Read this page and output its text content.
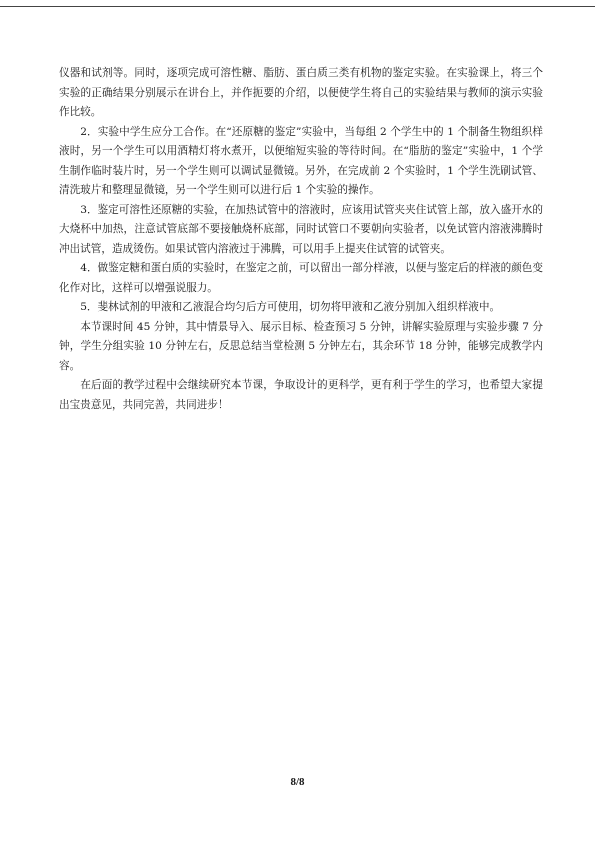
仪器和试剂等。同时，逐项完成可溶性糖、脂肪、蛋白质三类有机物的鉴定实验。在实验课上，将三个实验的正确结果分别展示在讲台上，并作扼要的介绍，以便使学生将自己的实验结果与教师的演示实验作比较。

2．实验中学生应分工合作。在“还原糖的鉴定”实验中，当每组 2 个学生中的 1 个制备生物组织样液时，另一个学生可以用酒精灯将水煮开，以便缩短实验的等待时间。在“脂肪的鉴定”实验中，1 个学生制作临时装片时，另一个学生则可以调试显微镜。另外，在完成前 2 个实验时，1 个学生洗刷试管、清洗玻片和整理显微镜，另一个学生则可以进行后 1 个实验的操作。

3．鉴定可溶性还原糖的实验，在加热试管中的溶液时，应该用试管夹夹住试管上部，放入盛开水的大烧杯中加热，注意试管底部不要接触烧杯底部，同时试管口不要朝向实验者，以免试管内溶液沸腾时冲出试管，造成烫伤。如果试管内溶液过于沸腾，可以用手上提夹住试管的试管夹。

4．做鉴定糖和蛋白质的实验时，在鉴定之前，可以留出一部分样液，以便与鉴定后的样液的颜色变化作对比，这样可以增强说服力。

5．斐林试剂的甲液和乙液混合均匀后方可使用，切勿将甲液和乙液分别加入组织样液中。

本节课时间 45 分钟，其中情景导入、展示目标、检查预习 5 分钟，讲解实验原理与实验步骤 7 分钟，学生分组实验 10 分钟左右，反思总结当堂检测 5 分钟左右，其余环节 18 分钟，能够完成教学内容。

在后面的教学过程中会继续研究本节课，争取设计的更科学，更有利于学生的学习，也希望大家提出宝贵意见，共同完善，共同进步！

8/8
